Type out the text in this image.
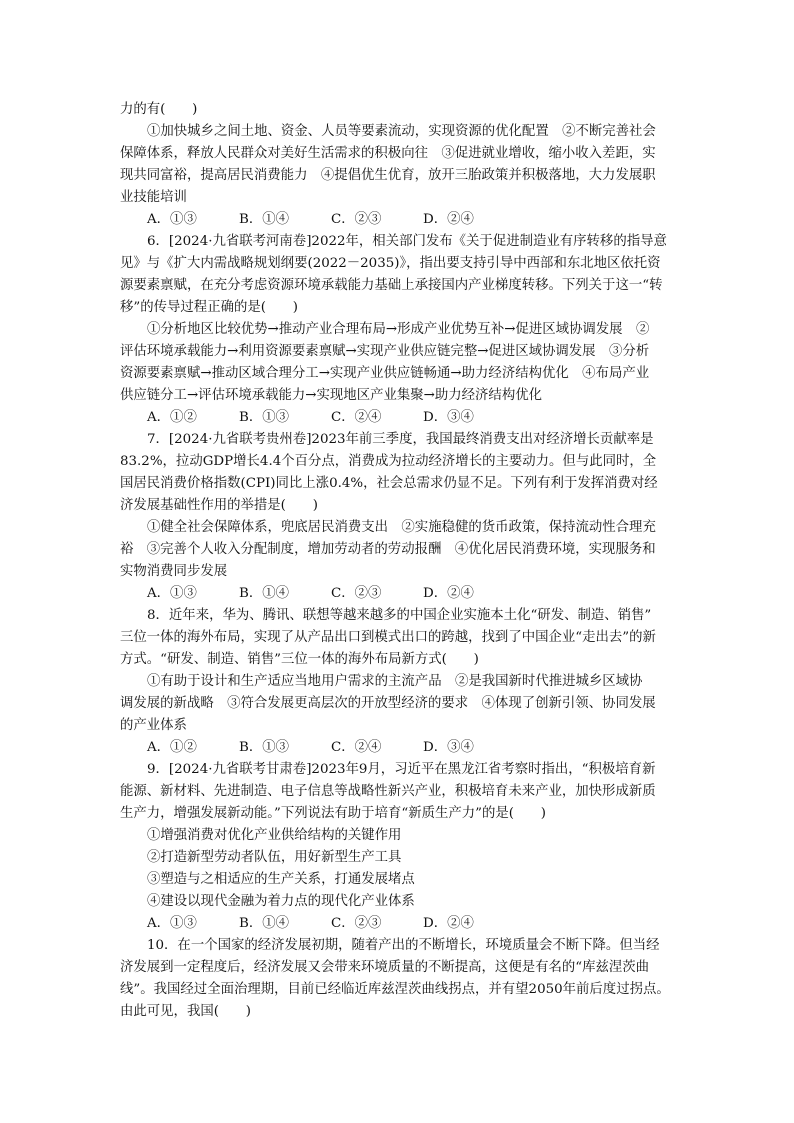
力的有(　　)
①加快城乡之间土地、资金、人员等要素流动，实现资源的优化配置　②不断完善社会
保障体系，释放人民群众对美好生活需求的积极向往　③促进就业增收，缩小收入差距，实
现共同富裕，提高居民消费能力　④提倡优生优育，放开三胎政策并积极落地，大力发展职
业技能培训
A．①③	B．①④	C．②③	D．②④
6．[2024·九省联考河南卷]2022年，相关部门发布《关于促进制造业有序转移的指导意
见》与《扩大内需战略规划纲要(2022－2035)》，指出要支持引导中西部和东北地区依托资
源要素禀赋，在充分考虑资源环境承载能力基础上承接国内产业梯度转移。下列关于这一“转
移”的传导过程正确的是(　　)
①分析地区比较优势→推动产业合理布局→形成产业优势互补→促进区域协调发展　②
评估环境承载能力→利用资源要素禀赋→实现产业供应链完整→促进区域协调发展　③分析
资源要素禀赋→推动区域合理分工→实现产业供应链畅通→助力经济结构优化　④布局产业
供应链分工→评估环境承载能力→实现地区产业集聚→助力经济结构优化
A．①②	B．①③	C．②④	D．③④
7．[2024·九省联考贵州卷]2023年前三季度，我国最终消费支出对经济增长贡献率是
83.2%，拉动GDP增长4.4个百分点，消费成为拉动经济增长的主要动力。但与此同时，全
国居民消费价格指数(CPI)同比上涨0.4%，社会总需求仍显不足。下列有利于发挥消费对经
济发展基础性作用的举措是(　　)
①健全社会保障体系，兜底居民消费支出　②实施稳健的货币政策，保持流动性合理充
裕　③完善个人收入分配制度，增加劳动者的劳动报酬　④优化居民消费环境，实现服务和
实物消费同步发展
A．①③	B．①④	C．②③	D．②④
8．近年来，华为、腾讯、联想等越来越多的中国企业实施本土化“研发、制造、销售”
三位一体的海外布局，实现了从产品出口到模式出口的跨越，找到了中国企业“走出去”的新
方式。“研发、制造、销售”三位一体的海外布局新方式(　　)
①有助于设计和生产适应当地用户需求的主流产品　②是我国新时代推进城乡区域协
调发展的新战略　③符合发展更高层次的开放型经济的要求　④体现了创新引领、协同发展
的产业体系
A．①②	B．①③	C．②④	D．③④
9．[2024·九省联考甘肃卷]2023年9月，习近平在黑龙江省考察时指出，“积极培育新
能源、新材料、先进制造、电子信息等战略性新兴产业，积极培育未来产业，加快形成新质
生产力，增强发展新动能。”下列说法有助于培育“新质生产力”的是(　　)
①增强消费对优化产业供给结构的关键作用
②打造新型劳动者队伍，用好新型生产工具
③塑造与之相适应的生产关系，打通发展堵点
④建设以现代金融为着力点的现代化产业体系
A．①③	B．①④	C．②③	D．②④
10．在一个国家的经济发展初期，随着产出的不断增长，环境质量会不断下降。但当经
济发展到一定程度后，经济发展又会带来环境质量的不断提高，这便是有名的“库兹涅茨曲
线”。我国经过全面治理期，目前已经临近库兹涅茨曲线拐点，并有望2050年前后度过拐点。
由此可见，我国(　　)
